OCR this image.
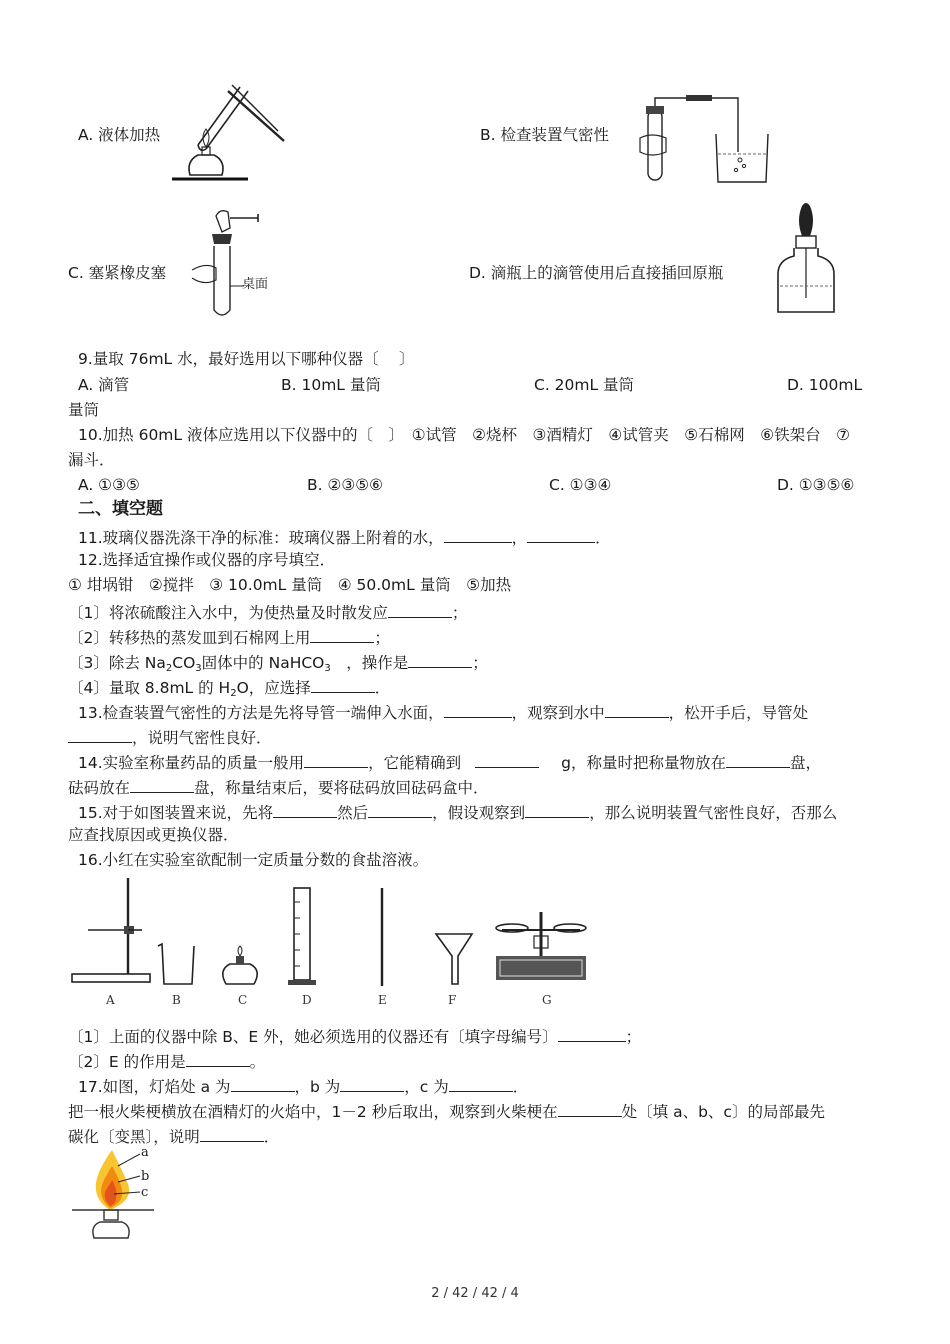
A. 液体加热	B. 检查装置气密性
C. 塞紧橡皮塞
桌面
D. 滴瓶上的滴管使用后直接插回原瓶
9.量取 76mL 水，最好选用以下哪种仪器〔　 〕
A. 滴管	B. 10mL 量筒	C. 20mL 量筒	D. 100mL
量筒
10.加热 60mL 液体应选用以下仪器中的〔　〕　①试管　②烧杯　③酒精灯　④试管夹　⑤石棉网　⑥铁架台　⑦
漏斗．
A. ①③⑤	B. ②③⑤⑥	C. ①③④	D. ①③⑤⑥
二、填空题
11.玻璃仪器洗涤干净的标准：玻璃仪器上附着的水，	，	．
12.选择适宜操作或仪器的序号填空．
① 坩埚钳　②搅拌　③ 10.0mL 量筒　④ 50.0mL 量筒　⑤加热
〔1〕将浓硫酸注入水中，为使热量及时散发应	；
〔2〕转移热的蒸发皿到石棉网上用	；
〔3〕除去 $Na_2CO_3$固体中的 NaHCO$_3$　，操作是	；
〔4〕量取 8.8mL 的 $H_2O$，应选择	．
13.检查装置气密性的方法是先将导管一端伸入水面，	，观察到水中	，松开手后，导管处
，说明气密性良好．
14.实验室称量药品的质量一般用	，它能精确到	g，称量时把称量物放在	盘，
砝码放在	盘，称量结束后，要将砝码放回砝码盒中．
15.对于如图装置来说，先将	然后	，假设观察到	，那么说明装置气密性良好，否那么
应查找原因或更换仪器．
16.小红在实验室欲配制一定质量分数的食盐溶液。
A	B	C	D	E	F	G
〔1〕上面的仪器中除 B、E 外，她必须选用的仪器还有〔填字母编号〕	；
〔2〕E 的作用是	。
17.如图，灯焰处 a 为	，b 为	，c 为	．
把一根火柴梗横放在酒精灯的火焰中，1－2 秒后取出，观察到火柴梗在	处〔填 a、b、c〕的局部最先
碳化〔变黑〕，说明	．
a
b
c
2 / 42 / 42 / 4
